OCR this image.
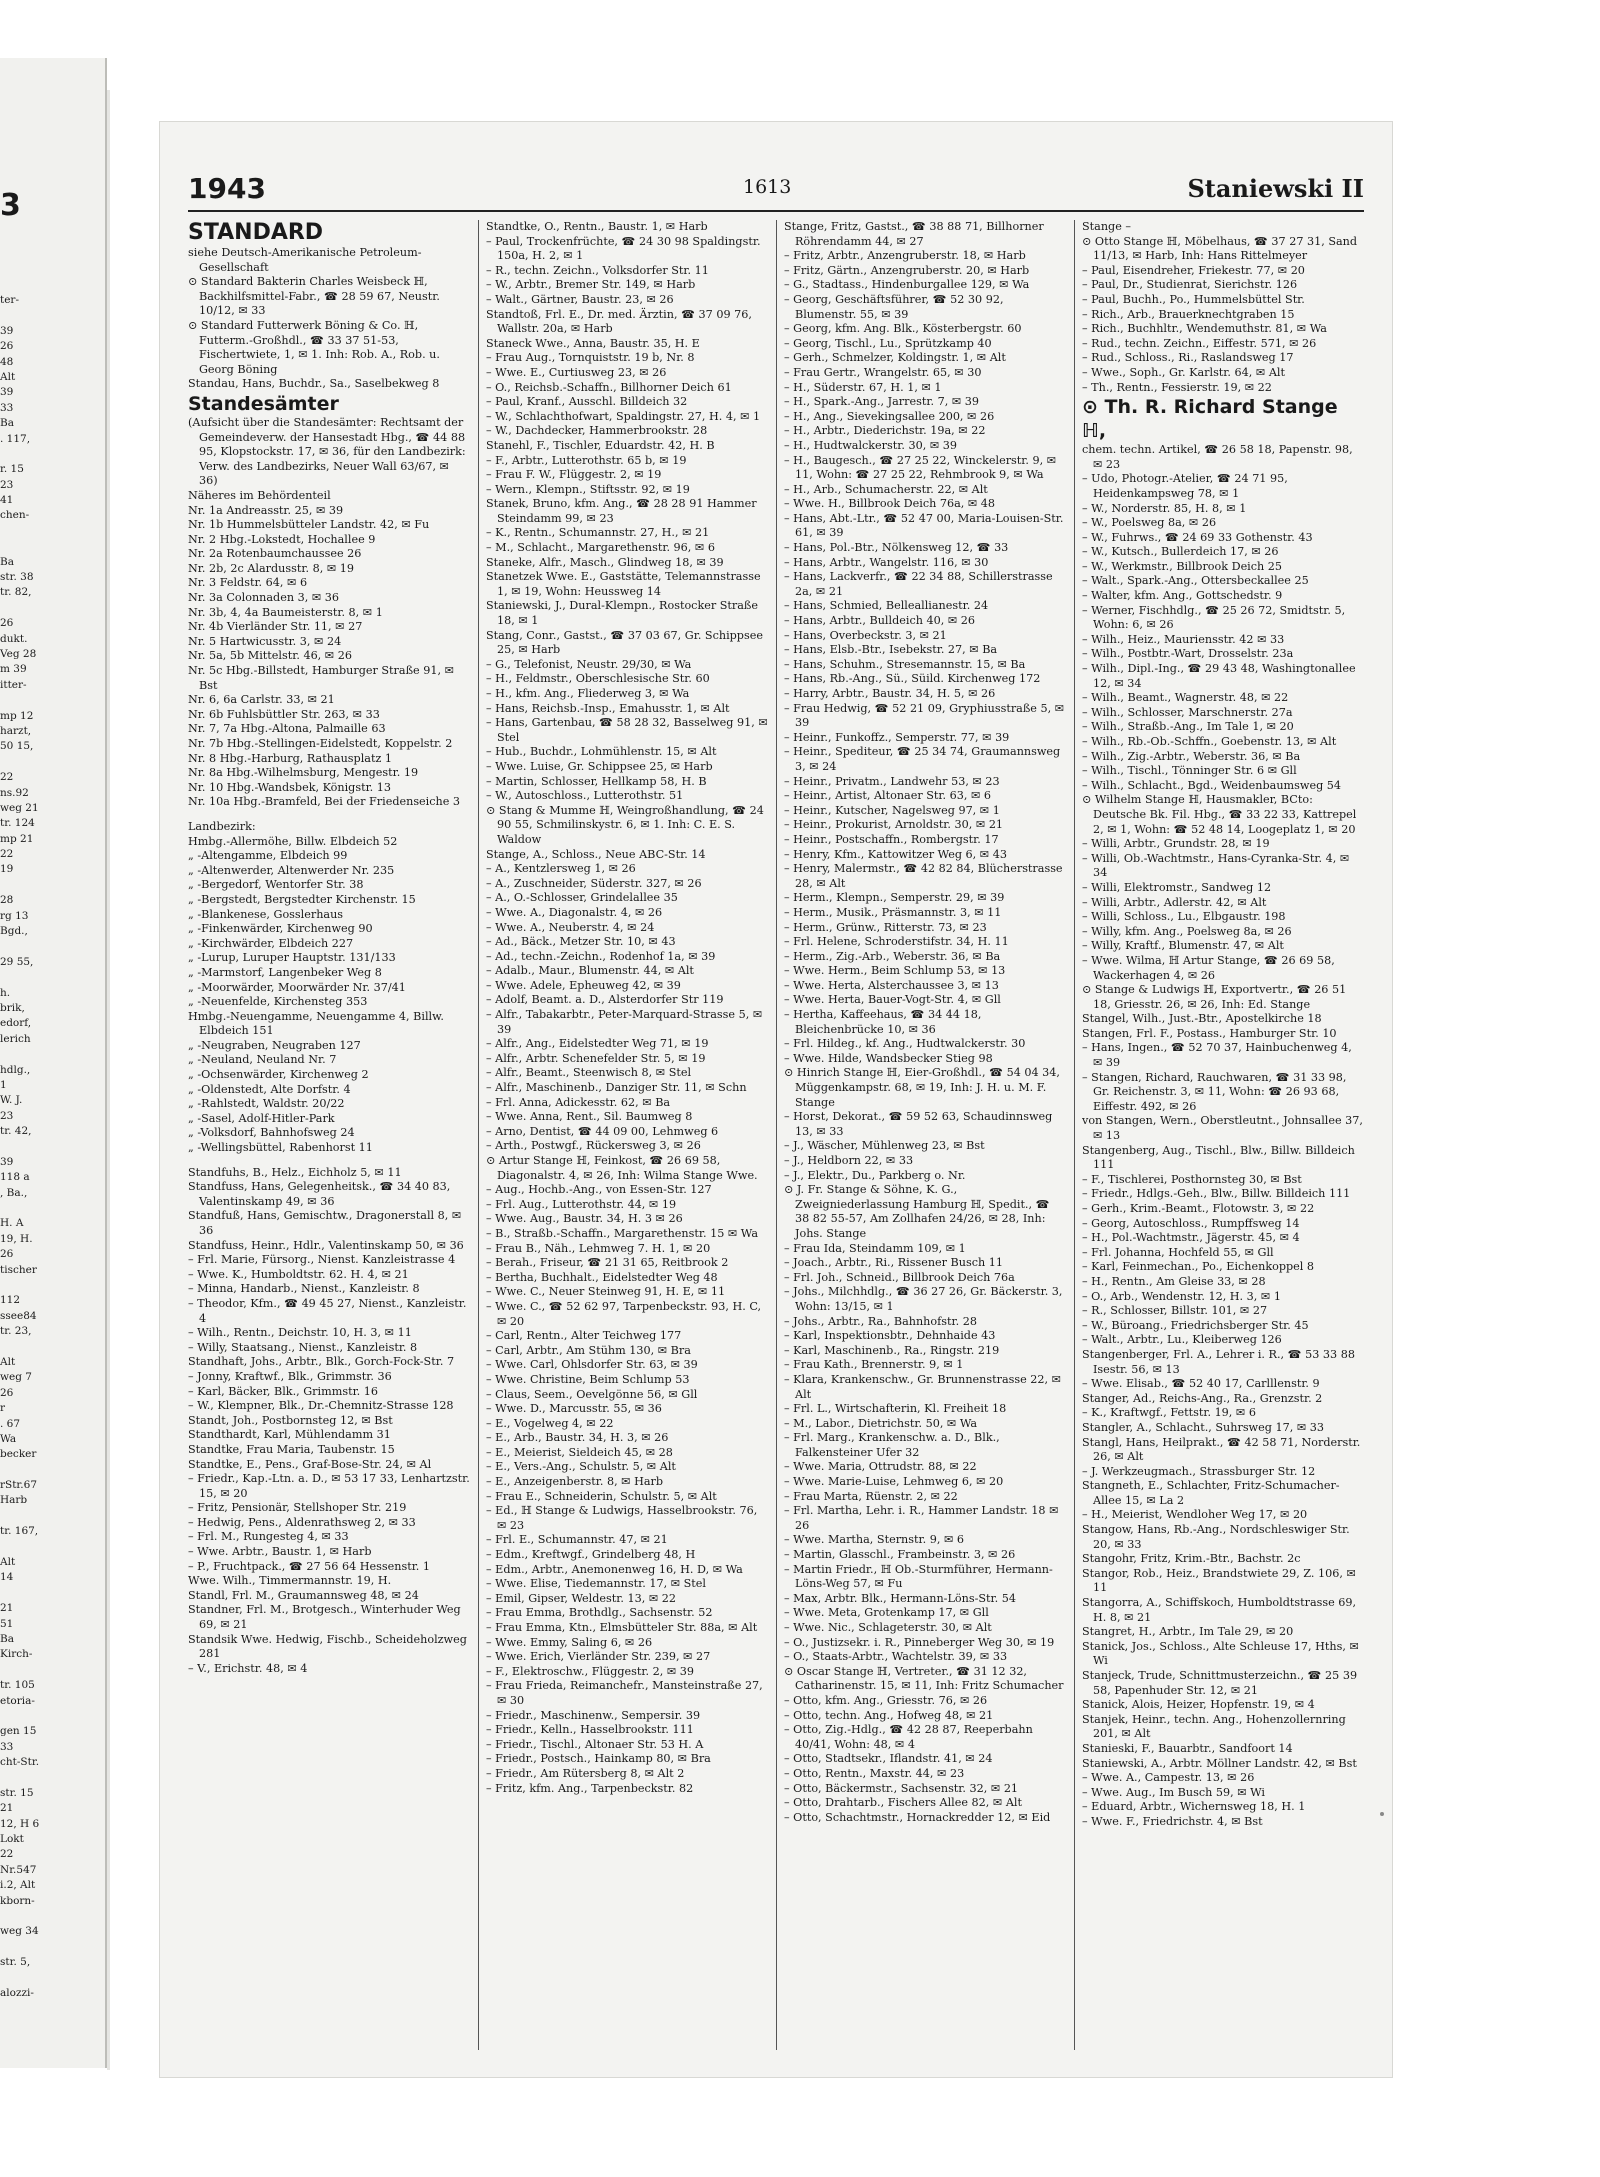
3
ter-
39
26
48
Alt
39
33
Ba
. 117,
r. 15
23
41
chen-
Ba
str. 38
tr. 82,
26
dukt.
Veg 28
m 39
itter-
mp 12
harzt,
50 15,
22
ns.92
weg 21
tr. 124
mp 21
22
19
28
rg 13
Bgd.,
29 55,
h.
brik,
edorf,
lerich
hdlg.,
1
W. J.
23
tr. 42,
39
118 a
, Ba.,
H. A
19, H.
26
tischer
112
ssee84
tr. 23,
Alt
weg 7
26
r
. 67
Wa
becker
rStr.67
Harb
tr. 167,
Alt
14
21
51
Ba
Kirch-
tr. 105
etoria-
gen 15
33
cht-Str.
str. 15
21
12, H 6
Lokt
22
Nr.547
i.2, Alt
kborn-
weg 34
str. 5,
alozzi-
1943	1613	Staniewski II

STANDARD

siehe Deutsch-Amerikanische Petroleum-Gesellschaft

⊙ Standard Bakterin Charles Weisbeck ℍ, Backhilfsmittel-Fabr., ☎ 28 59 67, Neustr. 10/12, ✉ 33

⊙ Standard Futterwerk Böning & Co. ℍ, Futterm.-Großhdl., ☎ 33 37 51-53, Fischertwiete, 1, ✉ 1. Inh: Rob. A., Rob. u. Georg Böning

Standau, Hans, Buchdr., Sa., Saselbekweg 8

Standesämter

(Aufsicht über die Standesämter: Rechtsamt der Gemeindeverw. der Hansestadt Hbg., ☎ 44 88 95, Klopstockstr. 17, ✉ 36, für den Landbezirk: Verw. des Landbezirks, Neuer Wall 63/67, ✉ 36)

Näheres im Behördenteil

Nr. 1a Andreasstr. 25, ✉ 39

Nr. 1b Hummelsbütteler Landstr. 42, ✉ Fu

Nr. 2 Hbg.-Lokstedt, Hochallee 9

Nr. 2a Rotenbaumchaussee 26

Nr. 2b, 2c Alardusstr. 8, ✉ 19

Nr. 3 Feldstr. 64, ✉ 6

Nr. 3a Colonnaden 3, ✉ 36

Nr. 3b, 4, 4a Baumeisterstr. 8, ✉ 1

Nr. 4b Vierländer Str. 11, ✉ 27

Nr. 5 Hartwicusstr. 3, ✉ 24

Nr. 5a, 5b Mittelstr. 46, ✉ 26

Nr. 5c Hbg.-Billstedt, Hamburger Straße 91, ✉ Bst

Nr. 6, 6a Carlstr. 33, ✉ 21

Nr. 6b Fuhlsbüttler Str. 263, ✉ 33

Nr. 7, 7a Hbg.-Altona, Palmaille 63

Nr. 7b Hbg.-Stellingen-Eidelstedt, Koppelstr. 2

Nr. 8 Hbg.-Harburg, Rathausplatz 1

Nr. 8a Hbg.-Wilhelmsburg, Mengestr. 19

Nr. 10 Hbg.-Wandsbek, Königstr. 13

Nr. 10a Hbg.-Bramfeld, Bei der Friedenseiche 3

Landbezirk:

Hmbg.-Allermöhe, Billw. Elbdeich 52

„ -Altengamme, Elbdeich 99

„ -Altenwerder, Altenwerder Nr. 235

„ -Bergedorf, Wentorfer Str. 38

„ -Bergstedt, Bergstedter Kirchenstr. 15

„ -Blankenese, Gosslerhaus

„ -Finkenwärder, Kirchenweg 90

„ -Kirchwärder, Elbdeich 227

„ -Lurup, Luruper Hauptstr. 131/133

„ -Marmstorf, Langenbeker Weg 8

„ -Moorwärder, Moorwärder Nr. 37/41

„ -Neuenfelde, Kirchensteg 353

Hmbg.-Neuengamme, Neuengamme 4, Billw. Elbdeich 151

„ -Neugraben, Neugraben 127

„ -Neuland, Neuland Nr. 7

„ -Ochsenwärder, Kirchenweg 2

„ -Oldenstedt, Alte Dorfstr. 4

„ -Rahlstedt, Waldstr. 20/22

„ -Sasel, Adolf-Hitler-Park

„ -Volksdorf, Bahnhofsweg 24

„ -Wellingsbüttel, Rabenhorst 11

Standfuhs, B., Helz., Eichholz 5, ✉ 11

Standfuss, Hans, Gelegenheitsk., ☎ 34 40 83, Valentinskamp 49, ✉ 36

Standfuß, Hans, Gemischtw., Dragonerstall 8, ✉ 36

Standfuss, Heinr., Hdlr., Valentinskamp 50, ✉ 36

– Frl. Marie, Fürsorg., Nienst. Kanzleistrasse 4

– Wwe. K., Humboldtstr. 62. H. 4, ✉ 21

– Minna, Handarb., Nienst., Kanzleistr. 8

– Theodor, Kfm., ☎ 49 45 27, Nienst., Kanzleistr. 4

– Wilh., Rentn., Deichstr. 10, H. 3, ✉ 11

– Willy, Staatsang., Nienst., Kanzleistr. 8

Standhaft, Johs., Arbtr., Blk., Gorch-Fock-Str. 7

– Jonny, Kraftwf., Blk., Grimmstr. 36

– Karl, Bäcker, Blk., Grimmstr. 16

– W., Klempner, Blk., Dr.-Chemnitz-Strasse 128

Standt, Joh., Postbornsteg 12, ✉ Bst

Standthardt, Karl, Mühlendamm 31

Standtke, Frau Maria, Taubenstr. 15

Standtke, E., Pens., Graf-Bose-Str. 24, ✉ Al

– Friedr., Kap.-Ltn. a. D., ✉ 53 17 33, Lenhartzstr. 15, ✉ 20

– Fritz, Pensionär, Stellshoper Str. 219

– Hedwig, Pens., Aldenrathsweg 2, ✉ 33

– Frl. M., Rungesteg 4, ✉ 33

– Wwe. Arbtr., Baustr. 1, ✉ Harb

– P., Fruchtpack., ☎ 27 56 64 Hessenstr. 1

Wwe. Wilh., Timmermannstr. 19, H.

Standl, Frl. M., Graumannsweg 48, ✉ 24

Standner, Frl. M., Brotgesch., Winterhuder Weg 69, ✉ 21

Standsik Wwe. Hedwig, Fischb., Scheideholzweg 281

– V., Erichstr. 48, ✉ 4

Standtke, O., Rentn., Baustr. 1, ✉ Harb

– Paul, Trockenfrüchte, ☎ 24 30 98 Spaldingstr. 150a, H. 2, ✉ 1

– R., techn. Zeichn., Volksdorfer Str. 11

– W., Arbtr., Bremer Str. 149, ✉ Harb

– Walt., Gärtner, Baustr. 23, ✉ 26

Standtoß, Frl. E., Dr. med. Ärztin, ☎ 37 09 76, Wallstr. 20a, ✉ Harb

Staneck Wwe., Anna, Baustr. 35, H. E

– Frau Aug., Tornquiststr. 19 b, Nr. 8

– Wwe. E., Curtiusweg 23, ✉ 26

– O., Reichsb.-Schaffn., Billhorner Deich 61

– Paul, Kranf., Ausschl. Billdeich 32

– W., Schlachthofwart, Spaldingstr. 27, H. 4, ✉ 1

– W., Dachdecker, Hammerbrookstr. 28

Stanehl, F., Tischler, Eduardstr. 42, H. B

– F., Arbtr., Lutterothstr. 65 b, ✉ 19

– Frau F. W., Flüggestr. 2, ✉ 19

– Wern., Klempn., Stiftsstr. 92, ✉ 19

Stanek, Bruno, kfm. Ang., ☎ 28 28 91 Hammer Steindamm 99, ✉ 23

– K., Rentn., Schumannstr. 27, H., ✉ 21

– M., Schlacht., Margarethenstr. 96, ✉ 6

Staneke, Alfr., Masch., Glindweg 18, ✉ 39

Stanetzek Wwe. E., Gaststätte, Telemannstrasse 1, ✉ 19, Wohn: Heussweg 14

Staniewski, J., Dural-Klempn., Rostocker Straße 18, ✉ 1

Stang, Conr., Gastst., ☎ 37 03 67, Gr. Schippsee 25, ✉ Harb

– G., Telefonist, Neustr. 29/30, ✉ Wa

– H., Feldmstr., Oberschlesische Str. 60

– H., kfm. Ang., Fliederweg 3, ✉ Wa

– Hans, Reichsb.-Insp., Emahusstr. 1, ✉ Alt

– Hans, Gartenbau, ☎ 58 28 32, Basselweg 91, ✉ Stel

– Hub., Buchdr., Lohmühlenstr. 15, ✉ Alt

– Wwe. Luise, Gr. Schippsee 25, ✉ Harb

– Martin, Schlosser, Hellkamp 58, H. B

– W., Autoschloss., Lutterothstr. 51

⊙ Stang & Mumme ℍ, Weingroßhandlung, ☎ 24 90 55, Schmilinskystr. 6, ✉ 1. Inh: C. E. S. Waldow

Stange, A., Schloss., Neue ABC-Str. 14

– A., Kentzlersweg 1, ✉ 26

– A., Zuschneider, Süderstr. 327, ✉ 26

– A., O.-Schlosser, Grindelallee 35

– Wwe. A., Diagonalstr. 4, ✉ 26

– Wwe. A., Neuberstr. 4, ✉ 24

– Ad., Bäck., Metzer Str. 10, ✉ 43

– Ad., techn.-Zeichn., Rodenhof 1a, ✉ 39

– Adalb., Maur., Blumenstr. 44, ✉ Alt

– Wwe. Adele, Epheuweg 42, ✉ 39

– Adolf, Beamt. a. D., Alsterdorfer Str 119

– Alfr., Tabakarbtr., Peter-Marquard-Strasse 5, ✉ 39

– Alfr., Ang., Eidelstedter Weg 71, ✉ 19

– Alfr., Arbtr. Schenefelder Str. 5, ✉ 19

– Alfr., Beamt., Steenwisch 8, ✉ Stel

– Alfr., Maschinenb., Danziger Str. 11, ✉ Schn

– Frl. Anna, Adickesstr. 62, ✉ Ba

– Wwe. Anna, Rent., Sil. Baumweg 8

– Arno, Dentist, ☎ 44 09 00, Lehmweg 6

– Arth., Postwgf., Rückersweg 3, ✉ 26

⊙ Artur Stange ℍ, Feinkost, ☎ 26 69 58, Diagonalstr. 4, ✉ 26, Inh: Wilma Stange Wwe.

– Aug., Hochb.-Ang., von Essen-Str. 127

– Frl. Aug., Lutterothstr. 44, ✉ 19

– Wwe. Aug., Baustr. 34, H. 3 ✉ 26

– B., Straßb.-Schaffn., Margarethenstr. 15 ✉ Wa

– Frau B., Näh., Lehmweg 7. H. 1, ✉ 20

– Berah., Friseur, ☎ 21 31 65, Reitbrook 2

– Bertha, Buchhalt., Eidelstedter Weg 48

– Wwe. C., Neuer Steinweg 91, H. E, ✉ 11

– Wwe. C., ☎ 52 62 97, Tarpenbeckstr. 93, H. C, ✉ 20

– Carl, Rentn., Alter Teichweg 177

– Carl, Arbtr., Am Stühm 130, ✉ Bra

– Wwe. Carl, Ohlsdorfer Str. 63, ✉ 39

– Wwe. Christine, Beim Schlump 53

– Claus, Seem., Oevelgönne 56, ✉ Gll

– Wwe. D., Marcusstr. 55, ✉ 36

– E., Vogelweg 4, ✉ 22

– E., Arb., Baustr. 34, H. 3, ✉ 26

– E., Meierist, Sieldeich 45, ✉ 28

– E., Vers.-Ang., Schulstr. 5, ✉ Alt

– E., Anzeigenberstr. 8, ✉ Harb

– Frau E., Schneiderin, Schulstr. 5, ✉ Alt

– Ed., ℍ Stange & Ludwigs, Hasselbrookstr. 76, ✉ 23

– Frl. E., Schumannstr. 47, ✉ 21

– Edm., Kreftwgf., Grindelberg 48, H

– Edm., Arbtr., Anemonenweg 16, H. D, ✉ Wa

– Wwe. Elise, Tiedemannstr. 17, ✉ Stel

– Emil, Gipser, Weldestr. 13, ✉ 22

– Frau Emma, Brothdlg., Sachsenstr. 52

– Frau Emma, Ktn., Elmsbütteler Str. 88a, ✉ Alt

– Wwe. Emmy, Saling 6, ✉ 26

– Wwe. Erich, Vierländer Str. 239, ✉ 27

– F., Elektroschw., Flüggestr. 2, ✉ 39

– Frau Frieda, Reimanchefr., Mansteinstraße 27, ✉ 30

– Friedr., Maschinenw., Sempersir. 39

– Friedr., Kelln., Hasselbrookstr. 111

– Friedr., Tischl., Altonaer Str. 53 H. A

– Friedr., Postsch., Hainkamp 80, ✉ Bra

– Friedr., Am Rütersberg 8, ✉ Alt 2

– Fritz, kfm. Ang., Tarpenbeckstr. 82

Stange, Fritz, Gastst., ☎ 38 88 71, Billhorner Röhrendamm 44, ✉ 27

– Fritz, Arbtr., Anzengruberstr. 18, ✉ Harb

– Fritz, Gärtn., Anzengruberstr. 20, ✉ Harb

– G., Stadtass., Hindenburgallee 129, ✉ Wa

– Georg, Geschäftsführer, ☎ 52 30 92, Blumenstr. 55, ✉ 39

– Georg, kfm. Ang. Blk., Kösterbergstr. 60

– Georg, Tischl., Lu., Sprützkamp 40

– Gerh., Schmelzer, Koldingstr. 1, ✉ Alt

– Frau Gertr., Wrangelstr. 65, ✉ 30

– H., Süderstr. 67, H. 1, ✉ 1

– H., Spark.-Ang., Jarrestr. 7, ✉ 39

– H., Ang., Sievekingsallee 200, ✉ 26

– H., Arbtr., Diederichstr. 19a, ✉ 22

– H., Hudtwalckerstr. 30, ✉ 39

– H., Baugesch., ☎ 27 25 22, Winckelerstr. 9, ✉ 11, Wohn: ☎ 27 25 22, Rehmbrook 9, ✉ Wa

– H., Arb., Schumacherstr. 22, ✉ Alt

– Wwe. H., Billbrook Deich 76a, ✉ 48

– Hans, Abt.-Ltr., ☎ 52 47 00, Maria-Louisen-Str. 61, ✉ 39

– Hans, Pol.-Btr., Nölkensweg 12, ☎ 33

– Hans, Arbtr., Wangelstr. 116, ✉ 30

– Hans, Lackverfr., ☎ 22 34 88, Schillerstrasse 2a, ✉ 21

– Hans, Schmied, Belleallianestr. 24

– Hans, Arbtr., Bulldeich 40, ✉ 26

– Hans, Overbeckstr. 3, ✉ 21

– Hans, Elsb.-Btr., Isebekstr. 27, ✉ Ba

– Hans, Schuhm., Stresemannstr. 15, ✉ Ba

– Hans, Rb.-Ang., Sü., Süild. Kirchenweg 172

– Harry, Arbtr., Baustr. 34, H. 5, ✉ 26

– Frau Hedwig, ☎ 52 21 09, Gryphiusstraße 5, ✉ 39

– Heinr., Funkoffz., Semperstr. 77, ✉ 39

– Heinr., Spediteur, ☎ 25 34 74, Graumannsweg 3, ✉ 24

– Heinr., Privatm., Landwehr 53, ✉ 23

– Heinr., Artist, Altonaer Str. 63, ✉ 6

– Heinr., Kutscher, Nagelsweg 97, ✉ 1

– Heinr., Prokurist, Arnoldstr. 30, ✉ 21

– Heinr., Postschaffn., Rombergstr. 17

– Henry, Kfm., Kattowitzer Weg 6, ✉ 43

– Henry, Malermstr., ☎ 42 82 84, Blücherstrasse 28, ✉ Alt

– Herm., Klempn., Semperstr. 29, ✉ 39

– Herm., Musik., Präsmannstr. 3, ✉ 11

– Herm., Grünw., Ritterstr. 73, ✉ 23

– Frl. Helene, Schroderstifstr. 34, H. 11

– Herm., Zig.-Arb., Weberstr. 36, ✉ Ba

– Wwe. Herm., Beim Schlump 53, ✉ 13

– Wwe. Herta, Alsterchaussee 3, ✉ 13

– Wwe. Herta, Bauer-Vogt-Str. 4, ✉ Gll

– Hertha, Kaffeehaus, ☎ 34 44 18, Bleichenbrücke 10, ✉ 36

– Frl. Hildeg., kf. Ang., Hudtwalckerstr. 30

– Wwe. Hilde, Wandsbecker Stieg 98

⊙ Hinrich Stange ℍ, Eier-Großhdl., ☎ 54 04 34, Müggenkampstr. 68, ✉ 19, Inh: J. H. u. M. F. Stange

– Horst, Dekorat., ☎ 59 52 63, Schaudinnsweg 13, ✉ 33

– J., Wäscher, Mühlenweg 23, ✉ Bst

– J., Heldborn 22, ✉ 33

– J., Elektr., Du., Parkberg o. Nr.

⊙ J. Fr. Stange & Söhne, K. G., Zweigniederlassung Hamburg ℍ, Spedit., ☎ 38 82 55-57, Am Zollhafen 24/26, ✉ 28, Inh: Johs. Stange

– Frau Ida, Steindamm 109, ✉ 1

– Joach., Arbtr., Ri., Rissener Busch 11

– Frl. Joh., Schneid., Billbrook Deich 76a

– Johs., Milchhdlg., ☎ 36 27 26, Gr. Bäckerstr. 3, Wohn: 13/15, ✉ 1

– Johs., Arbtr., Ra., Bahnhofstr. 28

– Karl, Inspektionsbtr., Dehnhaide 43

– Karl, Maschinenb., Ra., Ringstr. 219

– Frau Kath., Brennerstr. 9, ✉ 1

– Klara, Krankenschw., Gr. Brunnenstrasse 22, ✉ Alt

– Frl. L., Wirtschafterin, Kl. Freiheit 18

– M., Labor., Dietrichstr. 50, ✉ Wa

– Frl. Marg., Krankenschw. a. D., Blk., Falkensteiner Ufer 32

– Wwe. Maria, Ottrudstr. 88, ✉ 22

– Wwe. Marie-Luise, Lehmweg 6, ✉ 20

– Frau Marta, Rüenstr. 2, ✉ 22

– Frl. Martha, Lehr. i. R., Hammer Landstr. 18 ✉ 26

– Wwe. Martha, Sternstr. 9, ✉ 6

– Martin, Glasschl., Frambeinstr. 3, ✉ 26

– Martin Friedr., ℍ Ob.-Sturmführer, Hermann-Löns-Weg 57, ✉ Fu

– Max, Arbtr. Blk., Hermann-Löns-Str. 54

– Wwe. Meta, Grotenkamp 17, ✉ Gll

– Wwe. Nic., Schlageterstr. 30, ✉ Alt

– O., Justizsekr. i. R., Pinneberger Weg 30, ✉ 19

– O., Staats-Arbtr., Wachtelstr. 39, ✉ 33

⊙ Oscar Stange ℍ, Vertreter., ☎ 31 12 32, Catharinenstr. 15, ✉ 11, Inh: Fritz Schumacher

– Otto, kfm. Ang., Griesstr. 76, ✉ 26

– Otto, techn. Ang., Hofweg 48, ✉ 21

– Otto, Zig.-Hdlg., ☎ 42 28 87, Reeperbahn 40/41, Wohn: 48, ✉ 4

– Otto, Stadtsekr., Iflandstr. 41, ✉ 24

– Otto, Rentn., Maxstr. 44, ✉ 23

– Otto, Bäckermstr., Sachsenstr. 32, ✉ 21

– Otto, Drahtarb., Fischers Allee 82, ✉ Alt

– Otto, Schachtmstr., Hornackredder 12, ✉ Eid

Stange –

⊙ Otto Stange ℍ, Möbelhaus, ☎ 37 27 31, Sand 11/13, ✉ Harb, Inh: Hans Rittelmeyer

– Paul, Eisendreher, Friekestr. 77, ✉ 20

– Paul, Dr., Studienrat, Sierichstr. 126

– Paul, Buchh., Po., Hummelsbüttel Str.

– Rich., Arb., Brauerknechtgraben 15

– Rich., Buchhltr., Wendemuthstr. 81, ✉ Wa

– Rud., techn. Zeichn., Eiffestr. 571, ✉ 26

– Rud., Schloss., Ri., Raslandsweg 17

– Wwe., Soph., Gr. Karlstr. 64, ✉ Alt

– Th., Rentn., Fessierstr. 19, ✉ 22

⊙ Th. R. Richard Stange ℍ,

chem. techn. Artikel, ☎ 26 58 18, Papenstr. 98, ✉ 23

– Udo, Photogr.-Atelier, ☎ 24 71 95, Heidenkampsweg 78, ✉ 1

– W., Norderstr. 85, H. 8, ✉ 1

– W., Poelsweg 8a, ✉ 26

– W., Fuhrws., ☎ 24 69 33 Gothenstr. 43

– W., Kutsch., Bullerdeich 17, ✉ 26

– W., Werkmstr., Billbrook Deich 25

– Walt., Spark.-Ang., Ottersbeckallee 25

– Walter, kfm. Ang., Gottschedstr. 9

– Werner, Fischhdlg., ☎ 25 26 72, Smidtstr. 5, Wohn: 6, ✉ 26

– Wilh., Heiz., Mauriensstr. 42 ✉ 33

– Wilh., Postbtr.-Wart, Drosselstr. 23a

– Wilh., Dipl.-Ing., ☎ 29 43 48, Washingtonallee 12, ✉ 34

– Wilh., Beamt., Wagnerstr. 48, ✉ 22

– Wilh., Schlosser, Marschnerstr. 27a

– Wilh., Straßb.-Ang., Im Tale 1, ✉ 20

– Wilh., Rb.-Ob.-Schffn., Goebenstr. 13, ✉ Alt

– Wilh., Zig.-Arbtr., Weberstr. 36, ✉ Ba

– Wilh., Tischl., Tönninger Str. 6 ✉ Gll

– Wilh., Schlacht., Bgd., Weidenbaumsweg 54

⊙ Wilhelm Stange ℍ, Hausmakler, BCto: Deutsche Bk. Fil. Hbg., ☎ 33 22 33, Kattrepel 2, ✉ 1, Wohn: ☎ 52 48 14, Loogeplatz 1, ✉ 20

– Willi, Arbtr., Grundstr. 28, ✉ 19

– Willi, Ob.-Wachtmstr., Hans-Cyranka-Str. 4, ✉ 34

– Willi, Elektromstr., Sandweg 12

– Willi, Arbtr., Adlerstr. 42, ✉ Alt

– Willi, Schloss., Lu., Elbgaustr. 198

– Willy, kfm. Ang., Poelsweg 8a, ✉ 26

– Willy, Kraftf., Blumenstr. 47, ✉ Alt

– Wwe. Wilma, ℍ Artur Stange, ☎ 26 69 58, Wackerhagen 4, ✉ 26

⊙ Stange & Ludwigs ℍ, Exportvertr., ☎ 26 51 18, Griesstr. 26, ✉ 26, Inh: Ed. Stange

Stangel, Wilh., Just.-Btr., Apostelkirche 18

Stangen, Frl. F., Postass., Hamburger Str. 10

– Hans, Ingen., ☎ 52 70 37, Hainbuchenweg 4, ✉ 39

– Stangen, Richard, Rauchwaren, ☎ 31 33 98, Gr. Reichenstr. 3, ✉ 11, Wohn: ☎ 26 93 68, Eiffestr. 492, ✉ 26

von Stangen, Wern., Oberstleutnt., Johnsallee 37, ✉ 13

Stangenberg, Aug., Tischl., Blw., Billw. Billdeich 111

– F., Tischlerei, Posthornsteg 30, ✉ Bst

– Friedr., Hdlgs.-Geh., Blw., Billw. Billdeich 111

– Gerh., Krim.-Beamt., Flotowstr. 3, ✉ 22

– Georg, Autoschloss., Rumpffsweg 14

– H., Pol.-Wachtmstr., Jägerstr. 45, ✉ 4

– Frl. Johanna, Hochfeld 55, ✉ Gll

– Karl, Feinmechan., Po., Eichenkoppel 8

– H., Rentn., Am Gleise 33, ✉ 28

– O., Arb., Wendenstr. 12, H. 3, ✉ 1

– R., Schlosser, Billstr. 101, ✉ 27

– W., Büroang., Friedrichsberger Str. 45

– Walt., Arbtr., Lu., Kleiberweg 126

Stangenberger, Frl. A., Lehrer i. R., ☎ 53 33 88 Isestr. 56, ✉ 13

– Wwe. Elisab., ☎ 52 40 17, Carlllenstr. 9

Stanger, Ad., Reichs-Ang., Ra., Grenzstr. 2

– K., Kraftwgf., Fettstr. 19, ✉ 6

Stangler, A., Schlacht., Suhrsweg 17, ✉ 33

Stangl, Hans, Heilprakt., ☎ 42 58 71, Norderstr. 26, ✉ Alt

– J. Werkzeugmach., Strassburger Str. 12

Stangneth, E., Schlachter, Fritz-Schumacher-Allee 15, ✉ La 2

– H., Meierist, Wendloher Weg 17, ✉ 20

Stangow, Hans, Rb.-Ang., Nordschleswiger Str. 20, ✉ 33

Stangohr, Fritz, Krim.-Btr., Bachstr. 2c

Stangor, Rob., Heiz., Brandstwiete 29, Z. 106, ✉ 11

Stangorra, A., Schiffskoch, Humboldtstrasse 69, H. 8, ✉ 21

Stangret, H., Arbtr., Im Tale 29, ✉ 20

Stanick, Jos., Schloss., Alte Schleuse 17, Hths, ✉ Wi

Stanjeck, Trude, Schnittmusterzeichn., ☎ 25 39 58, Papenhuder Str. 12, ✉ 21

Stanick, Alois, Heizer, Hopfenstr. 19, ✉ 4

Stanjek, Heinr., techn. Ang., Hohenzollernring 201, ✉ Alt

Stanieski, F., Bauarbtr., Sandfoort 14

Staniewski, A., Arbtr. Möllner Landstr. 42, ✉ Bst

– Wwe. A., Campestr. 13, ✉ 26

– Wwe. Aug., Im Busch 59, ✉ Wi

– Eduard, Arbtr., Wichernsweg 18, H. 1

– Wwe. F., Friedrichstr. 4, ✉ Bst
